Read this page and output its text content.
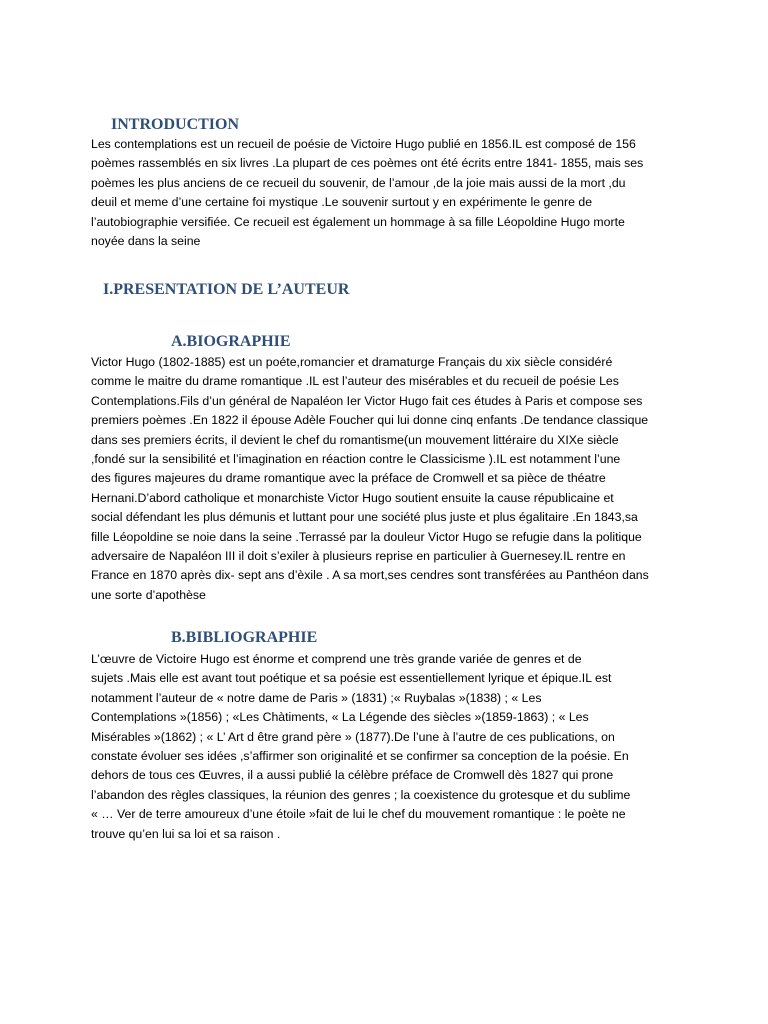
INTRODUCTION
Les contemplations est un recueil de poésie de Victoire Hugo publié en 1856.IL est composé de 156
poèmes rassemblés en six livres .La plupart de ces poèmes ont été écrits entre 1841- 1855, mais ses
poèmes les plus anciens de ce recueil du souvenir, de l’amour ,de la joie mais aussi de la mort ,du
deuil et meme d’une certaine foi mystique .Le souvenir surtout y en expérimente le genre de
l’autobiographie versifiée. Ce recueil est également un hommage à sa fille Léopoldine Hugo morte
noyée dans la seine
I.PRESENTATION DE L’AUTEUR
A.BIOGRAPHIE
Victor Hugo (1802-1885) est un poéte,romancier et dramaturge Français du xix siècle considéré
comme le maitre du drame romantique .IL est l’auteur des misérables et du recueil de poésie Les
Contemplations.Fils d’un général de Napaléon Ier Victor Hugo fait ces études à Paris et compose ses
premiers poèmes .En 1822 il épouse Adèle Foucher qui lui donne cinq enfants .De tendance classique
dans ses premiers écrits, il devient le chef du romantisme(un mouvement littéraire du XIXe siècle
,fondé sur la sensibilité et l’imagination en réaction contre le Classicisme ).IL est notamment l’une
des figures majeures du drame romantique avec la préface de Cromwell et sa pièce de théatre
Hernani.D’abord catholique et monarchiste Victor Hugo soutient ensuite la cause républicaine et
social défendant les plus démunis et luttant pour une société plus juste et plus égalitaire .En 1843,sa
fille Léopoldine se noie dans la seine .Terrassé par la douleur Victor Hugo se refugie dans la politique
adversaire de Napaléon III il doit s’exiler à plusieurs reprise en particulier à Guernesey.IL rentre en
France en 1870 après dix- sept ans d’èxile . A sa mort,ses cendres sont transférées au Panthéon dans
une sorte d’apothèse
B.BIBLIOGRAPHIE
L’œuvre de Victoire Hugo est énorme et comprend une très grande variée de genres et de
sujets .Mais elle est avant tout poétique et sa poésie est essentiellement lyrique et épique.IL est
notamment l’auteur de « notre dame de Paris » (1831) ;« Ruybalas »(1838) ; « Les
Contemplations »(1856) ; «Les Chàtiments, « La Légende des siècles »(1859-1863) ; « Les
Misérables »(1862) ; « L’ Art d être grand père » (1877).De l’une à l’autre de ces publications, on
constate évoluer ses idées ,s’affirmer son originalité et se confirmer sa conception de la poésie. En
dehors de tous ces Œuvres, il a aussi publié la célèbre préface de Cromwell dès 1827 qui prone
l’abandon des règles classiques, la réunion des genres ; la coexistence du grotesque et du sublime
« … Ver de terre amoureux d’une étoile »fait de lui le chef du mouvement romantique : le poète ne
trouve qu’en lui sa loi et sa raison .
